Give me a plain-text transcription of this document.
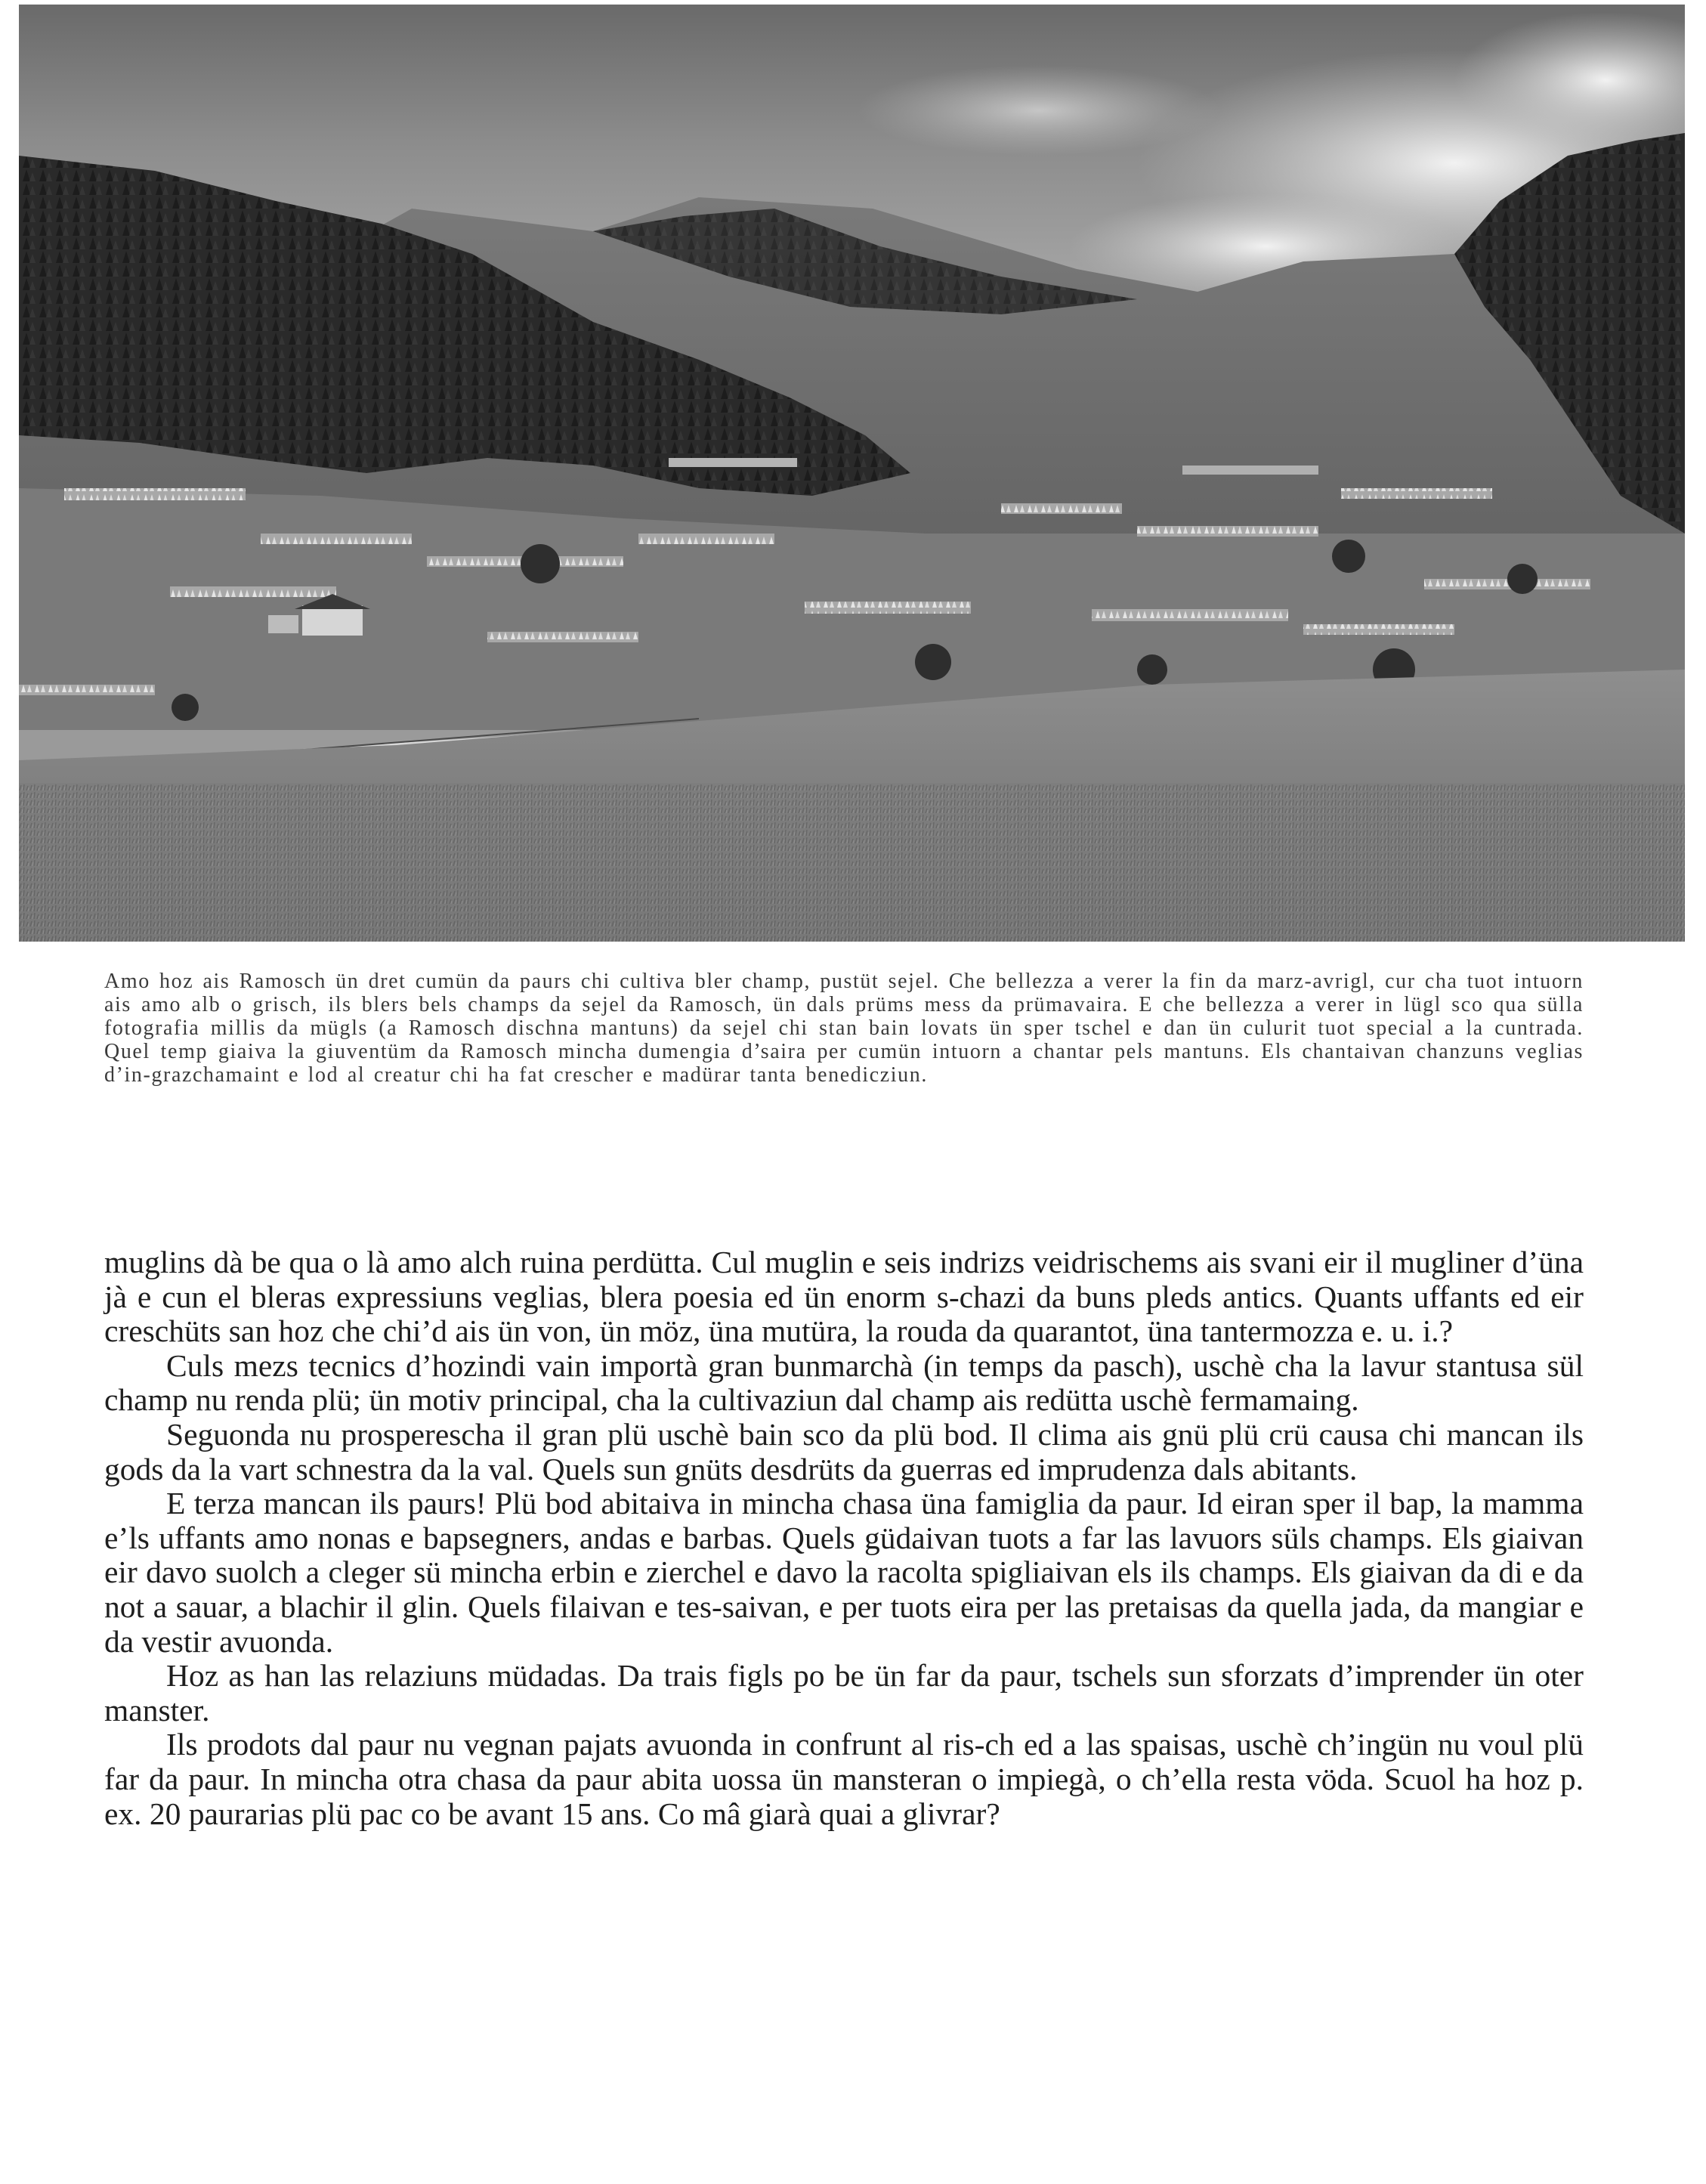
Amo hoz ais Ramosch ün dret cumün da paurs chi cultiva bler champ, pustüt sejel. Che bellezza a verer la fin da marz-avrigl, cur cha tuot intuorn ais amo alb o grisch, ils blers bels champs da sejel da Ramosch, ün dals prüms mess da prümavaira. E che bellezza a verer in lügl sco qua sülla fotografia millis da mügls (a Ramosch dischna mantuns) da sejel chi stan bain lovats ün sper tschel e dan ün culurit tuot special a la cuntrada. Quel temp giaiva la giuventüm da Ramosch mincha dumengia d’saira per cumün intuorn a chantar pels mantuns. Els chantaivan chanzuns veglias d’in-grazchamaint e lod al creatur chi ha fat crescher e madürar tanta benedicziun.

muglins dà be qua o là amo alch ruina perdütta. Cul muglin e seis indrizs veidrischems ais svani eir il mugliner d’üna jà e cun el bleras expressiuns veglias, blera poesia ed ün enorm s-chazi da buns pleds antics. Quants uffants ed eir creschüts san hoz che chi’d ais ün von, ün möz, üna mutüra, la rouda da quarantot, üna tantermozza e. u. i.?

Culs mezs tecnics d’hozindi vain importà gran bunmarchà (in temps da pasch), uschè cha la lavur stantusa sül champ nu renda plü; ün motiv principal, cha la cultivaziun dal champ ais redütta uschè fermamaing.

Seguonda nu prosperescha il gran plü uschè bain sco da plü bod. Il clima ais gnü plü crü causa chi mancan ils gods da la vart schnestra da la val. Quels sun gnüts desdrüts da guerras ed imprudenza dals abitants.

E terza mancan ils paurs! Plü bod abitaiva in mincha chasa üna famiglia da paur. Id eiran sper il bap, la mamma e’ls uffants amo nonas e bapsegners, andas e barbas. Quels güdaivan tuots a far las lavuors süls champs. Els giaivan eir davo suolch a cleger sü mincha erbin e zierchel e davo la racolta spigliaivan els ils champs. Els giaivan da di e da not a sauar, a blachir il glin. Quels filaivan e tes-saivan, e per tuots eira per las pretaisas da quella jada, da mangiar e da vestir avuonda.

Hoz as han las relaziuns müdadas. Da trais figls po be ün far da paur, tschels sun sforzats d’imprender ün oter manster.

Ils prodots dal paur nu vegnan pajats avuonda in confrunt al ris-ch ed a las spaisas, uschè ch’ingün nu voul plü far da paur. In mincha otra chasa da paur abita uossa ün mansteran o impiegà, o ch’ella resta vöda. Scuol ha hoz p. ex. 20 paurarias plü pac co be avant 15 ans. Co mâ giarà quai a glivrar?
